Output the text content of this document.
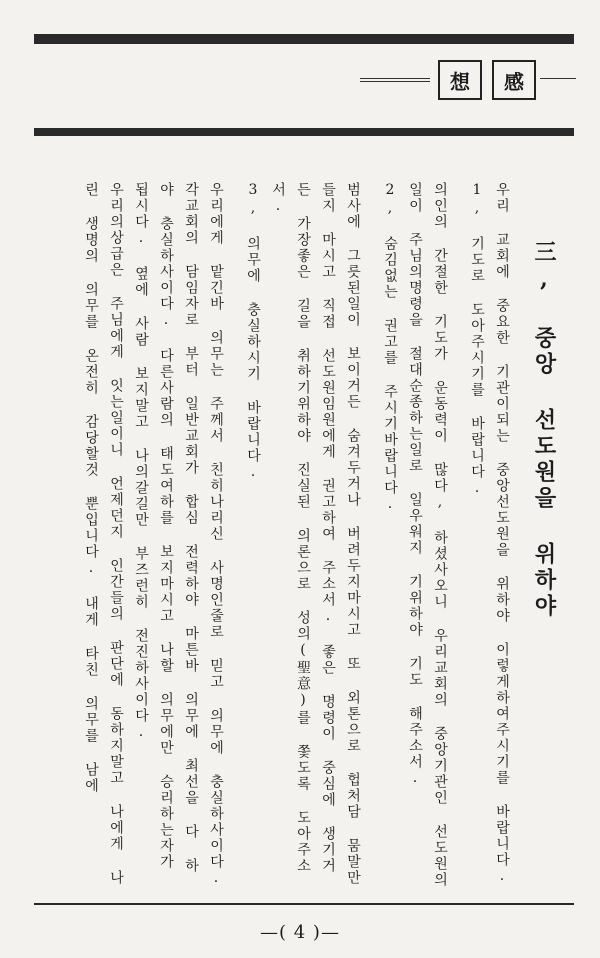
想	感

三, 중앙 선도원을 위하야

우리 교회에 중요한 기관이되는 중앙선도원을 위하야 이렇게하여주시기를 바랍니다.

1, 기도로 도아주시기를 바랍니다.

의인의 간절한 기도가 운동력이 많다, 하셨사오니 우리교회의 중앙기관인 선도원의일이 주님의명령을 절대순종하는일로 일우워지 기위하야 기도 해주소서.

2, 숨김없는 권고를 주시기바랍니다.

범사에 그릇된일이 보이거든 숨겨두거나 버려두지마시고 또 외톤으로 헙처담 뭄말만들지 마시고 직접 선도원임원에게 권고하여 주소서. 좋은 명령이 중심에 생기거든 가장좋은 길을 취하기위하야 진실된 의론으로 성의(聖意)를 쫓도록 도아주소서.

3, 의무에 충실하시기 바랍니다.

우리에게 맡긴바 의무는 주께서 친히나리신 사명인줄로 믿고 의무에 충실하사이다. 각교회의 담임자로 부터 일반교회가 합심 전력하야 마튼바 의무에 최선을 다 하야 충실하사이다. 다른사람의 태도여하를 보지마시고 나할 의무에만 승리하는자가 됩시다. 옆에 사람 보지말고 나의갈길만 부즈런히 전진하사이다.

우리의상급은 주님에게 잇는일이니 언제던지 인간들의 판단에 동하지말고 나에게 나린 생명의 의무를 온전히 감당할것 뿐입니다. 내게 타친 의무를 남에

—( 4 )—
